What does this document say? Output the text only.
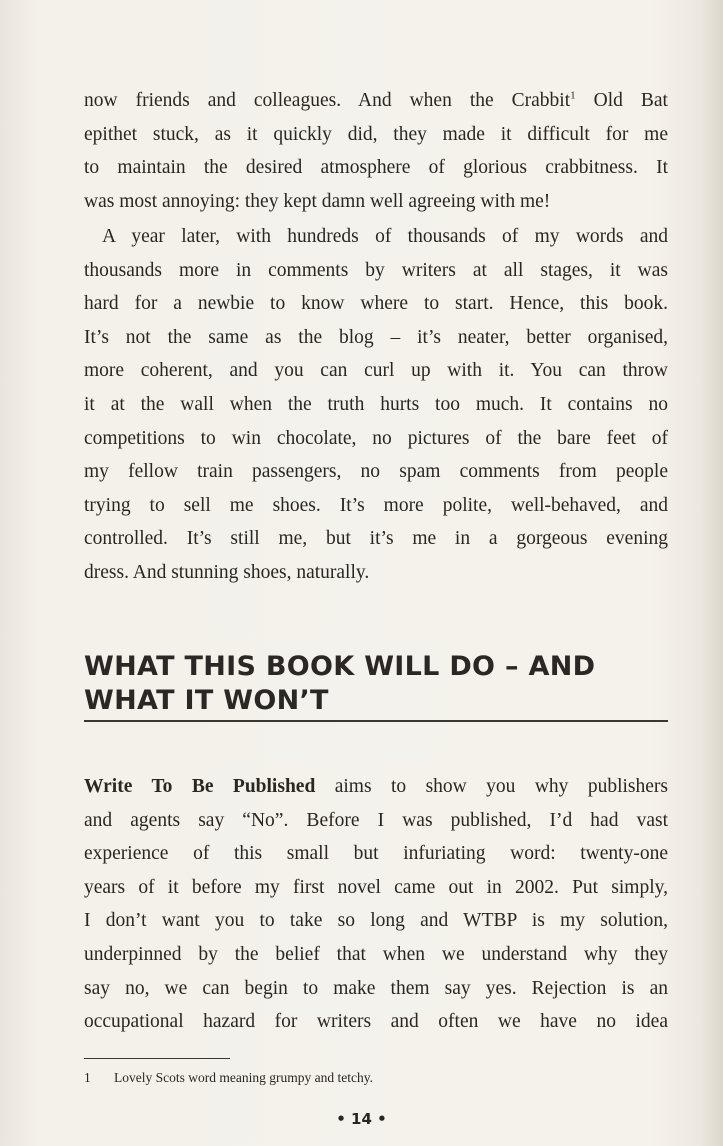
now friends and colleagues. And when the Crabbit$^1$ Old Bat
epithet stuck, as it quickly did, they made it difficult for me
to maintain the desired atmosphere of glorious crabbitness. It
was most annoying: they kept damn well agreeing with me!
A year later, with hundreds of thousands of my words and
thousands more in comments by writers at all stages, it was
hard for a newbie to know where to start. Hence, this book.
It’s not the same as the blog – it’s neater, better organised,
more coherent, and you can curl up with it. You can throw
it at the wall when the truth hurts too much. It contains no
competitions to win chocolate, no pictures of the bare feet of
my fellow train passengers, no spam comments from people
trying to sell me shoes. It’s more polite, well-behaved, and
controlled. It’s still me, but it’s me in a gorgeous evening
dress. And stunning shoes, naturally.
WHAT THIS BOOK WILL DO – AND
WHAT IT WON’T
Write To Be Published aims to show you why publishers
and agents say “No”. Before I was published, I’d had vast
experience of this small but infuriating word: twenty-one
years of it before my first novel came out in 2002. Put simply,
I don’t want you to take so long and WTBP is my solution,
underpinned by the belief that when we understand why they
say no, we can begin to make them say yes. Rejection is an
occupational hazard for writers and often we have no idea
1 Lovely Scots word meaning grumpy and tetchy.
• 14 •
